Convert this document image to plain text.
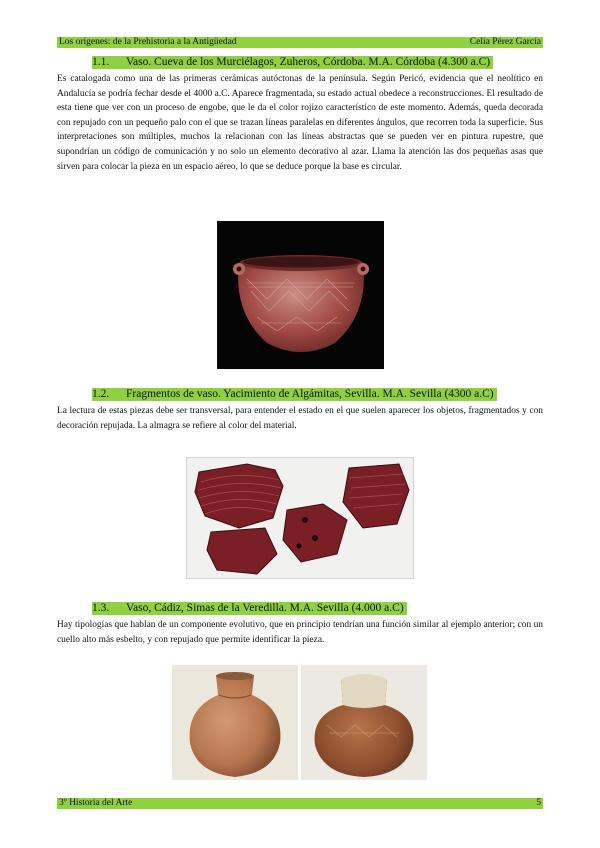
Los orígenes: de la Prehistoria a la Antigüedad	Celia Pérez García
1.1. Vaso. Cueva de los Murciélagos, Zuheros, Córdoba. M.A. Córdoba (4.300 a.C)

Es catalogada como una de las primeras cerámicas autóctonas de la península. Según Pericó, evidencia que el neolítico en Andalucía se podría fechar desde el 4000 a.C. Aparece fragmentada, su estado actual obedece a reconstrucciones. El resultado de esta tiene que ver con un proceso de engobe, que le da el color rojizo característico de este momento. Además, queda decorada con repujado con un pequeño palo con el que se trazan líneas paralelas en diferentes ángulos, que recorren toda la superficie. Sus interpretaciones son múltiples, muchos la relacionan con las líneas abstractas que se pueden ver en pintura rupestre, que supondrían un código de comunicación y no solo un elemento decorativo al azar. Llama la atención las dos pequeñas asas que sirven para colocar la pieza en un espacio aéreo, lo que se deduce porque la base es circular.

1.2. Fragmentos de vaso. Yacimiento de Algámitas, Sevilla. M.A. Sevilla (4300 a.C)

La lectura de estas piezas debe ser transversal, para entender el estado en el que suelen aparecer los objetos, fragmentados y con decoración repujada. La almagra se refiere al color del material.

1.3. Vaso, Cádiz, Simas de la Veredilla. M.A. Sevilla (4.000 a.C)

Hay tipologías que hablan de un componente evolutivo, que en principio tendrían una función similar al ejemplo anterior; con un cuello alto más esbelto, y con repujado que permite identificar la pieza.

3º Historia del Arte	5
